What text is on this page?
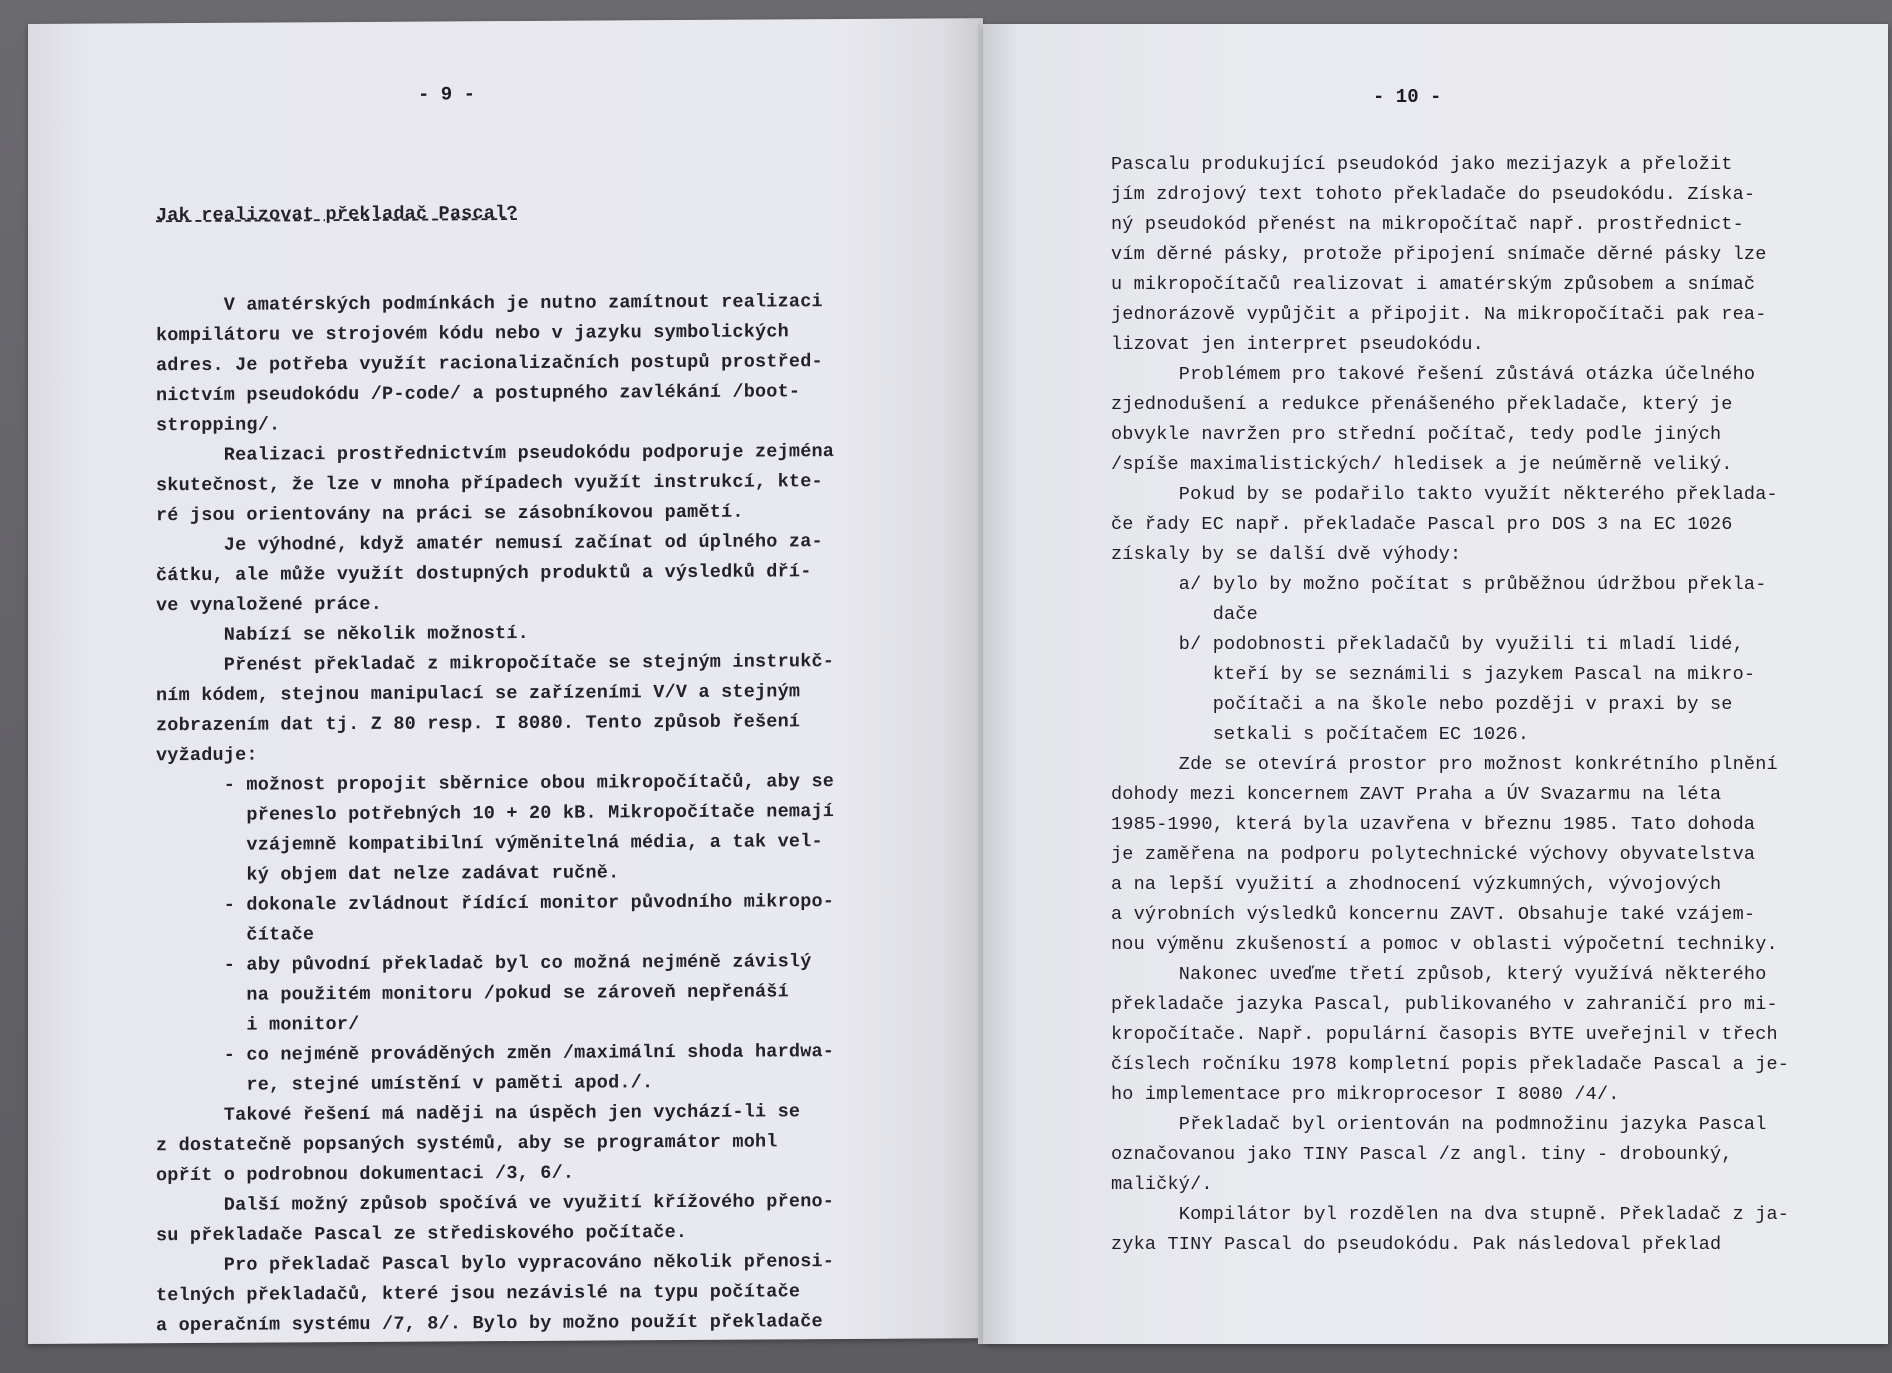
- 9 -

Jak realizovat překladač Pascal?

V amatérských podmínkách je nutno zamítnout realizaci
kompilátoru ve strojovém kódu nebo v jazyku symbolických
adres. Je potřeba využít racionalizačních postupů prostřed-
nictvím pseudokódu /P-code/ a postupného zavlékání /boot-
stropping/.
Realizaci prostřednictvím pseudokódu podporuje zejména
skutečnost, že lze v mnoha případech využít instrukcí, kte-
ré jsou orientovány na práci se zásobníkovou pamětí.
Je výhodné, když amatér nemusí začínat od úplného za-
čátku, ale může využít dostupných produktů a výsledků dří-
ve vynaložené práce.
Nabízí se několik možností.
Přenést překladač z mikropočítače se stejným instrukč-
ním kódem, stejnou manipulací se zařízeními V/V a stejným
zobrazením dat tj. Z 80 resp. I 8080. Tento způsob řešení
vyžaduje:
- možnost propojit sběrnice obou mikropočítačů, aby se
přeneslo potřebných 10 + 20 kB. Mikropočítače nemají
vzájemně kompatibilní výměnitelná média, a tak vel-
ký objem dat nelze zadávat ručně.
- dokonale zvládnout řídící monitor původního mikropo-
čítače
- aby původní překladač byl co možná nejméně závislý
na použitém monitoru /pokud se zároveň nepřenáší
i monitor/
- co nejméně prováděných změn /maximální shoda hardwa-
re, stejné umístění v paměti apod./.
Takové řešení má naději na úspěch jen vychází-li se
z dostatečně popsaných systémů, aby se programátor mohl
opřít o podrobnou dokumentaci /3, 6/.
Další možný způsob spočívá ve využití křížového přeno-
su překladače Pascal ze střediskového počítače.
Pro překladač Pascal bylo vypracováno několik přenosi-
telných překladačů, které jsou nezávislé na typu počítače
a operačním systému /7, 8/. Bylo by možno použít překladače
- 10 -
Pascalu produkující pseudokód jako mezijazyk a přeložit
jím zdrojový text tohoto překladače do pseudokódu. Získa-
ný pseudokód přenést na mikropočítač např. prostřednict-
vím děrné pásky, protože připojení snímače děrné pásky lze
u mikropočítačů realizovat i amatérským způsobem a snímač
jednorázově vypůjčit a připojit. Na mikropočítači pak rea-
lizovat jen interpret pseudokódu.
Problémem pro takové řešení zůstává otázka účelného
zjednodušení a redukce přenášeného překladače, který je
obvykle navržen pro střední počítač, tedy podle jiných
/spíše maximalistických/ hledisek a je neúměrně veliký.
Pokud by se podařilo takto využít některého překlada-
če řady EC např. překladače Pascal pro DOS 3 na EC 1026
získaly by se další dvě výhody:
a/ bylo by možno počítat s průběžnou údržbou překla-
dače
b/ podobnosti překladačů by využili ti mladí lidé,
kteří by se seznámili s jazykem Pascal na mikro-
počítači a na škole nebo později v praxi by se
setkali s počítačem EC 1026.
Zde se otevírá prostor pro možnost konkrétního plnění
dohody mezi koncernem ZAVT Praha a ÚV Svazarmu na léta
1985-1990, která byla uzavřena v březnu 1985. Tato dohoda
je zaměřena na podporu polytechnické výchovy obyvatelstva
a na lepší využití a zhodnocení výzkumných, vývojových
a výrobních výsledků koncernu ZAVT. Obsahuje také vzájem-
nou výměnu zkušeností a pomoc v oblasti výpočetní techniky.
Nakonec uveďme třetí způsob, který využívá některého
překladače jazyka Pascal, publikovaného v zahraničí pro mi-
kropočítače. Např. populární časopis BYTE uveřejnil v třech
číslech ročníku 1978 kompletní popis překladače Pascal a je-
ho implementace pro mikroprocesor I 8080 /4/.
Překladač byl orientován na podmnožinu jazyka Pascal
označovanou jako TINY Pascal /z angl. tiny - drobounký,
maličký/.
Kompilátor byl rozdělen na dva stupně. Překladač z ja-
zyka TINY Pascal do pseudokódu. Pak následoval překlad
